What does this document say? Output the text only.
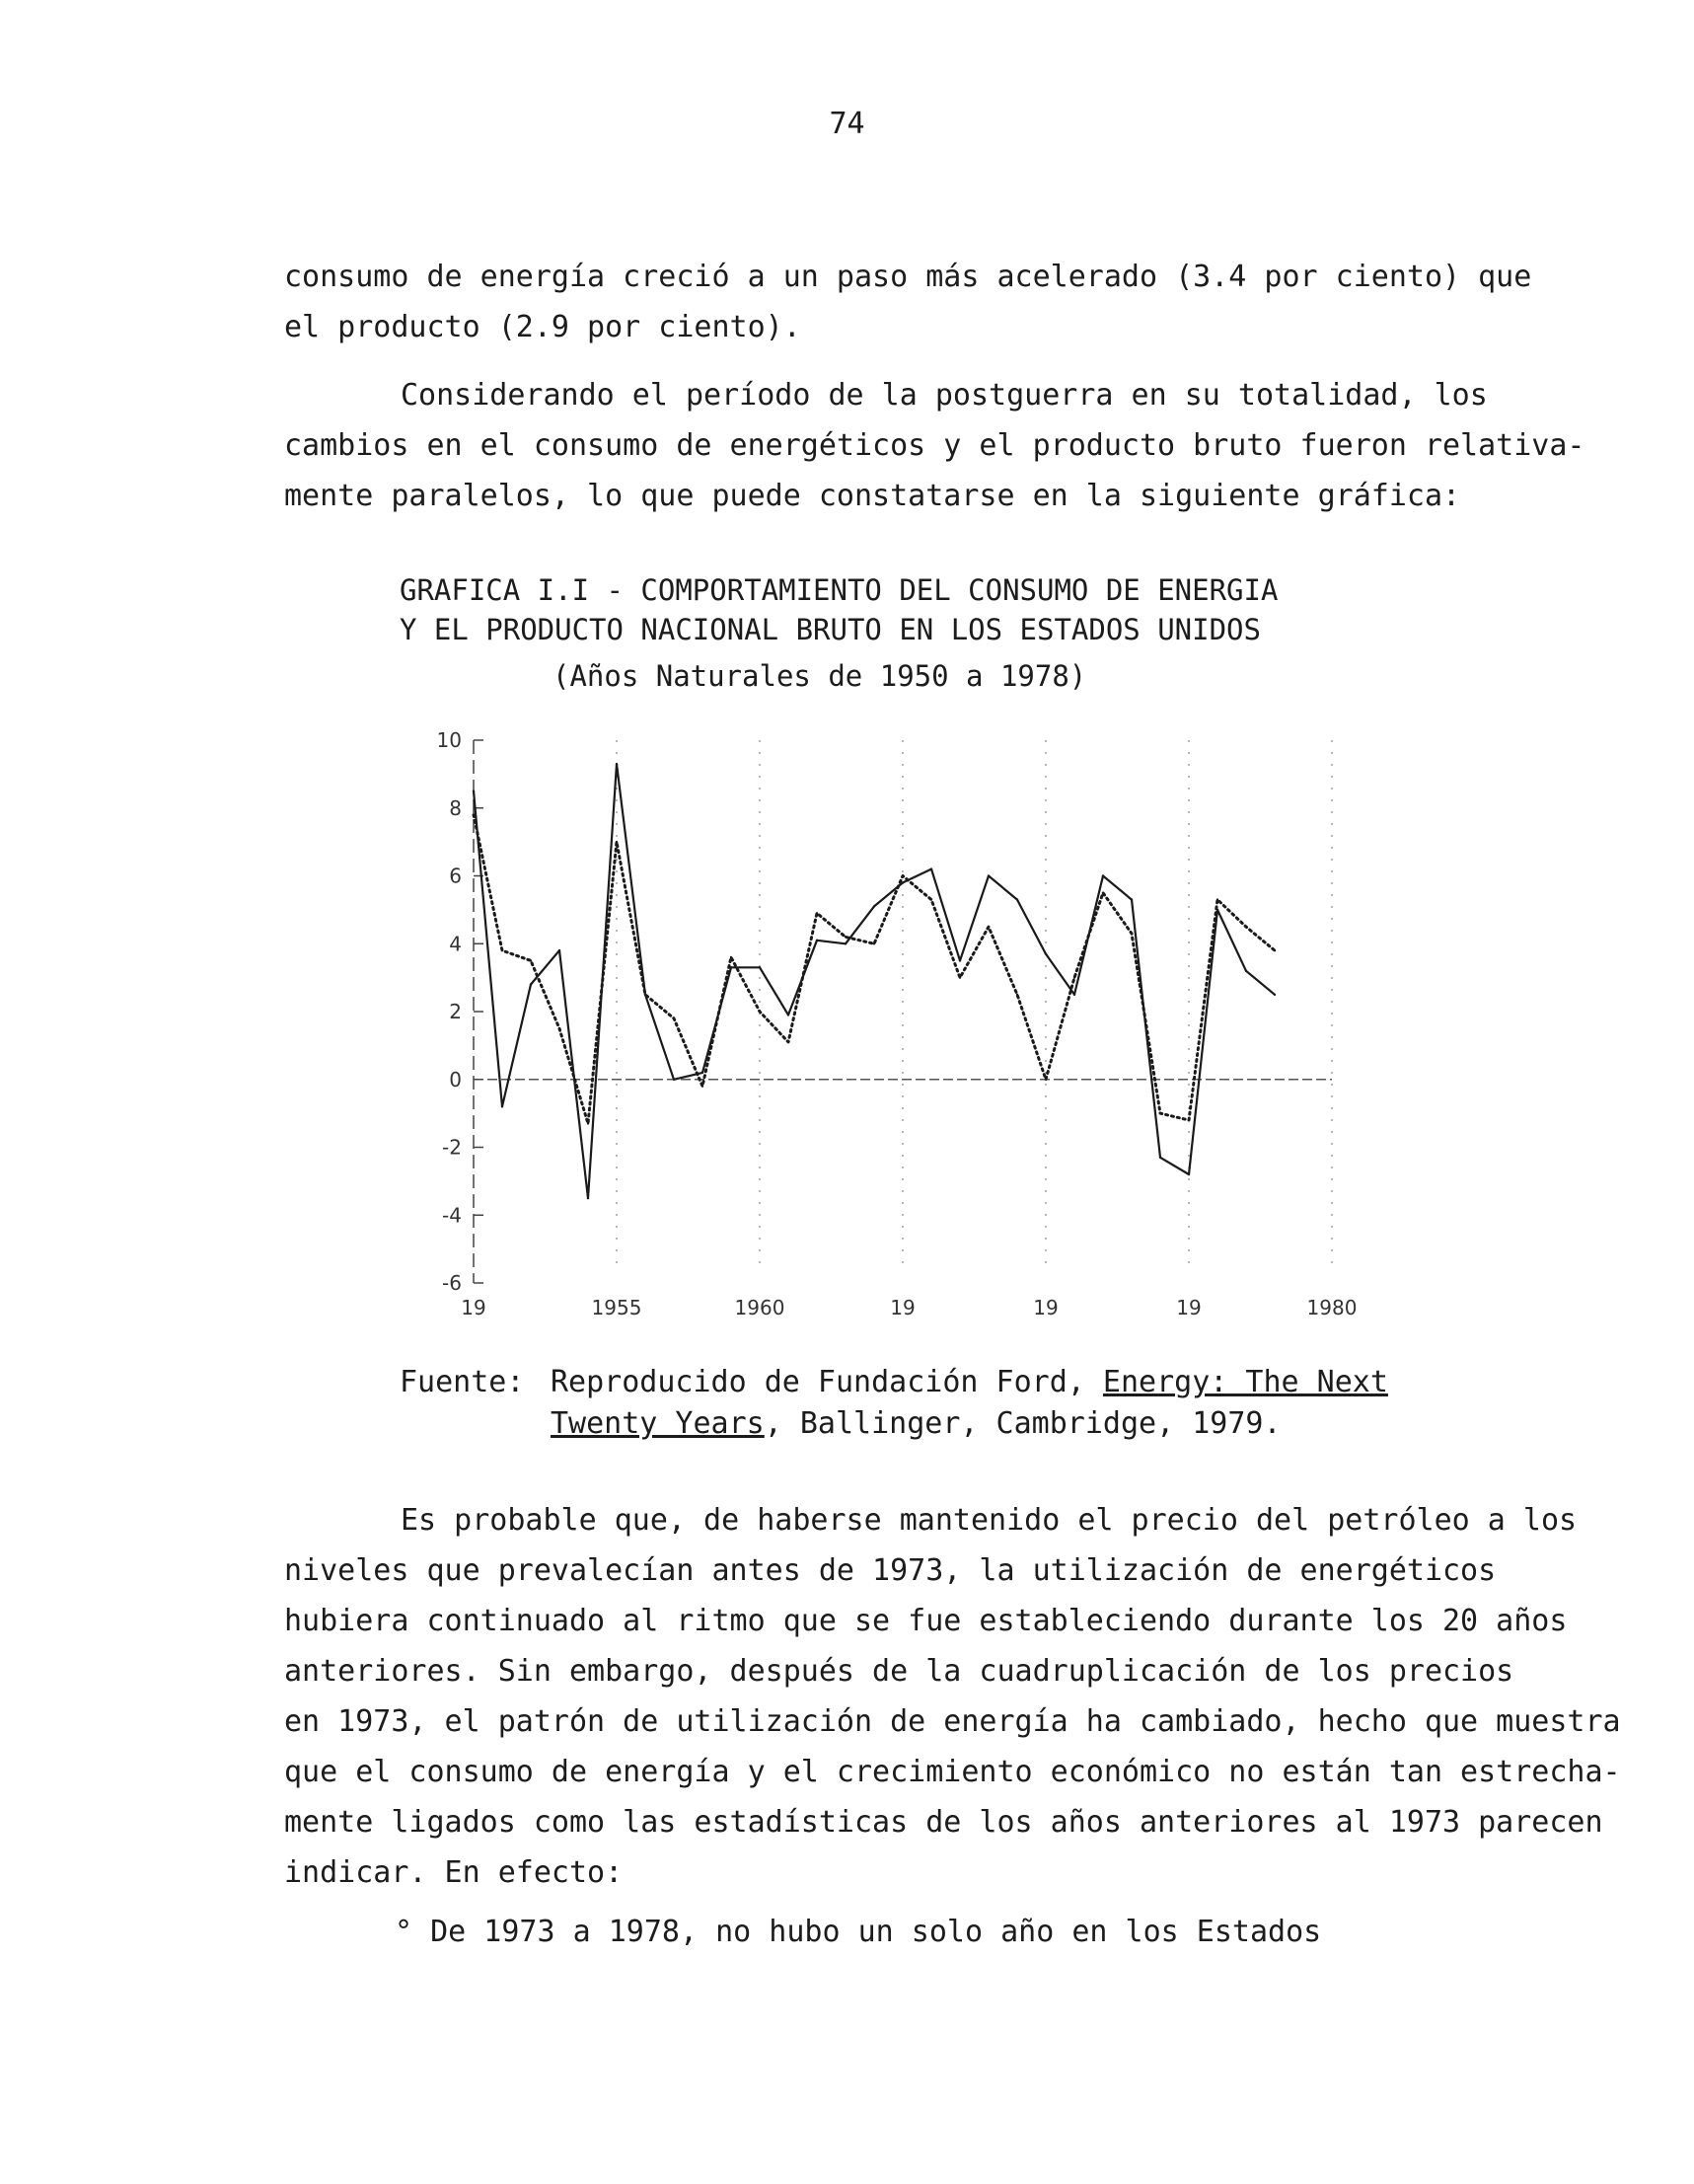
74
consumo de energía creció a un paso más acelerado (3.4 por ciento) que
el producto (2.9 por ciento).
Considerando el período de la postguerra en su totalidad, los
cambios en el consumo de energéticos y el producto bruto fueron relativa-
mente paralelos, lo que puede constatarse en la siguiente gráfica:
GRAFICA I.I - COMPORTAMIENTO DEL CONSUMO DE ENERGIA
Y EL PRODUCTO NACIONAL BRUTO EN LOS ESTADOS UNIDOS
(Años Naturales de 1950 a 1978)
-6
-4
-2
0
2
4
6
8
10
19	1955	1960	19	19	19	1980
Fuente: Reproducido de Fundación Ford, Energy: The Next
Twenty Years, Ballinger, Cambridge, 1979.
Es probable que, de haberse mantenido el precio del petróleo a los
niveles que prevalecían antes de 1973, la utilización de energéticos
hubiera continuado al ritmo que se fue estableciendo durante los 20 años
anteriores. Sin embargo, después de la cuadruplicación de los precios
en 1973, el patrón de utilización de energía ha cambiado, hecho que muestra
que el consumo de energía y el crecimiento económico no están tan estrecha-
mente ligados como las estadísticas de los años anteriores al 1973 parecen
indicar. En efecto:
° De 1973 a 1978, no hubo un solo año en los Estados
